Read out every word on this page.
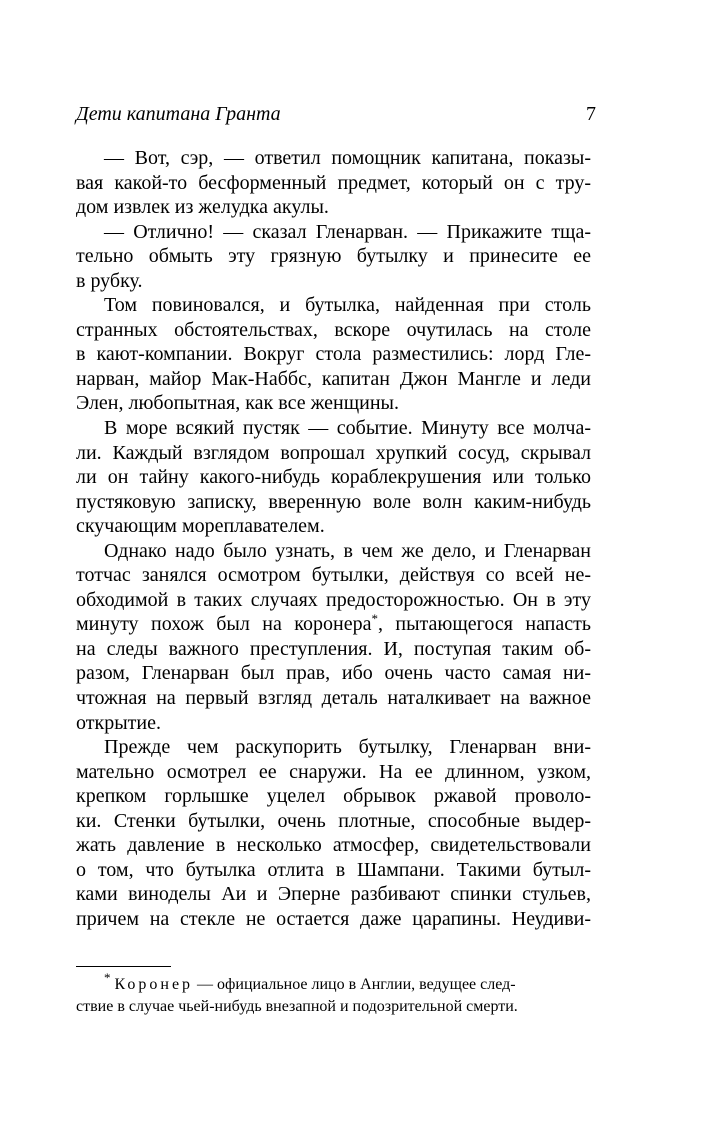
Дети капитана Гранта	7

— Вот, сэр, — ответил помощник капитана, показы-
вая какой-то бесформенный предмет, который он с тру-
дом извлек из желудка акулы.

— Отлично! — сказал Гленарван. — Прикажите тща-
тельно обмыть эту грязную бутылку и принесите ее
в рубку.

Том повиновался, и бутылка, найденная при столь
странных обстоятельствах, вскоре очутилась на столе
в кают-компании. Вокруг стола разместились: лорд Гле-
нарван, майор Мак-Наббс, капитан Джон Мангле и леди
Элен, любопытная, как все женщины.

В море всякий пустяк — событие. Минуту все молча-
ли. Каждый взглядом вопрошал хрупкий сосуд, скрывал
ли он тайну какого-нибудь кораблекрушения или только
пустяковую записку, вверенную воле волн каким-нибудь
скучающим мореплавателем.

Однако надо было узнать, в чем же дело, и Гленарван
тотчас занялся осмотром бутылки, действуя со всей не-
обходимой в таких случаях предосторожностью. Он в эту
минуту похож был на коронера*, пытающегося напасть
на следы важного преступления. И, поступая таким об-
разом, Гленарван был прав, ибо очень часто самая ни-
чтожная на первый взгляд деталь наталкивает на важное
открытие.

Прежде чем раскупорить бутылку, Гленарван вни-
мательно осмотрел ее снаружи. На ее длинном, узком,
крепком горлышке уцелел обрывок ржавой проволо-
ки. Стенки бутылки, очень плотные, способные выдер-
жать давление в несколько атмосфер, свидетельствовали
о том, что бутылка отлита в Шампани. Такими бутыл-
ками виноделы Аи и Эперне разбивают спинки стульев,
причем на стекле не остается даже царапины. Неудиви-

* Коронер — официальное лицо в Англии, ведущее след-
ствие в случае чьей-нибудь внезапной и подозрительной смерти.
